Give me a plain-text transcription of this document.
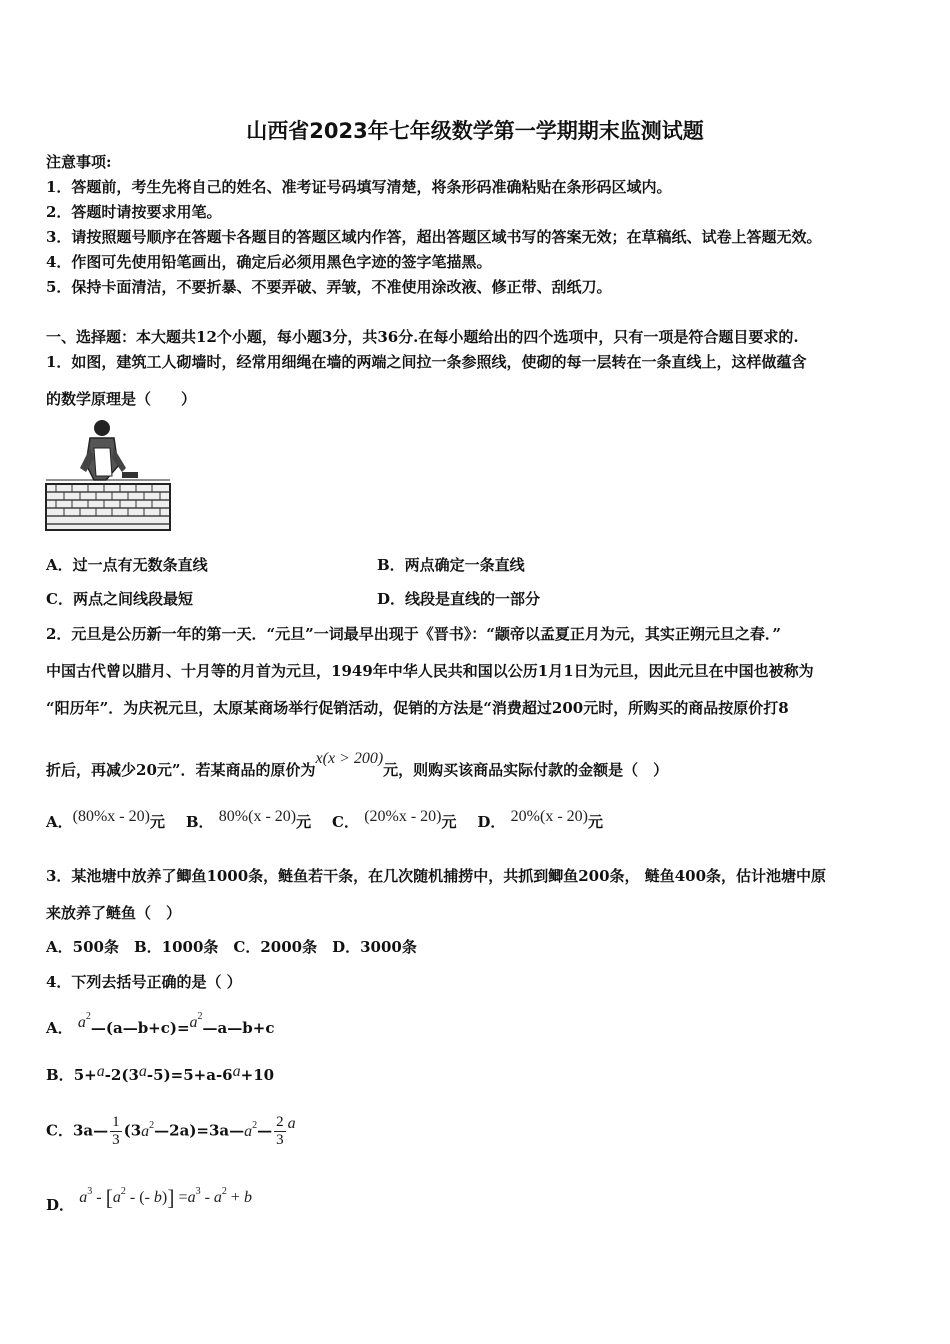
山西省2023年七年级数学第一学期期末监测试题
注意事项:
1．答题前，考生先将自己的姓名、准考证号码填写清楚，将条形码准确粘贴在条形码区域内。
2．答题时请按要求用笔。
3．请按照题号顺序在答题卡各题目的答题区域内作答，超出答题区域书写的答案无效；在草稿纸、试卷上答题无效。
4．作图可先使用铅笔画出，确定后必须用黑色字迹的签字笔描黑。
5．保持卡面清洁，不要折暴、不要弄破、弄皱，不准使用涂改液、修正带、刮纸刀。
一、选择题：本大题共12个小题，每小题3分，共36分.在每小题给出的四个选项中，只有一项是符合题目要求的.
1．如图，建筑工人砌墙时，经常用细绳在墙的两端之间拉一条参照线，使砌的每一层转在一条直线上，这样做蕴含
的数学原理是（　　）
A．过一点有无数条直线	B．两点确定一条直线
C．两点之间线段最短	D．线段是直线的一部分
2．元旦是公历新一年的第一天．“元旦”一词最早出现于《晋书》：“颛帝以孟夏正月为元，其实正朔元旦之春．”
中国古代曾以腊月、十月等的月首为元旦，1949年中华人民共和国以公历1月1日为元旦，因此元旦在中国也被称为
“阳历年”．为庆祝元旦，太原某商场举行促销活动，促销的方法是“消费超过200元时，所购买的商品按原价打8
折后，再减少20元”．若某商品的原价为x(x > 200)元，则购买该商品实际付款的金额是（　）
A．(80%x - 20)元 B． 80%(x - 20)元 C． (20%x - 20)元 D． 20%(x - 20)元
3．某池塘中放养了鲫鱼1000条，鲢鱼若干条，在几次随机捕捞中，共抓到鲫鱼200条， 鲢鱼400条，估计池塘中原
来放养了鲢鱼（　）
A．500条　B．1000条　C．2000条　D．3000条
4．下列去括号正确的是（ ）
A． $a^2—(a—b+c)=a^2—a—b+c$
B．5+a-2(3a-5)=5+a-6a+10
C．3a— $\frac{1}{3}$ $(3a^2—2a)=3a—a^2— \frac{2}{3}$ a
D． $a^3 - [a^2$ - (- $b)] =a^3 - a^2 + b$
